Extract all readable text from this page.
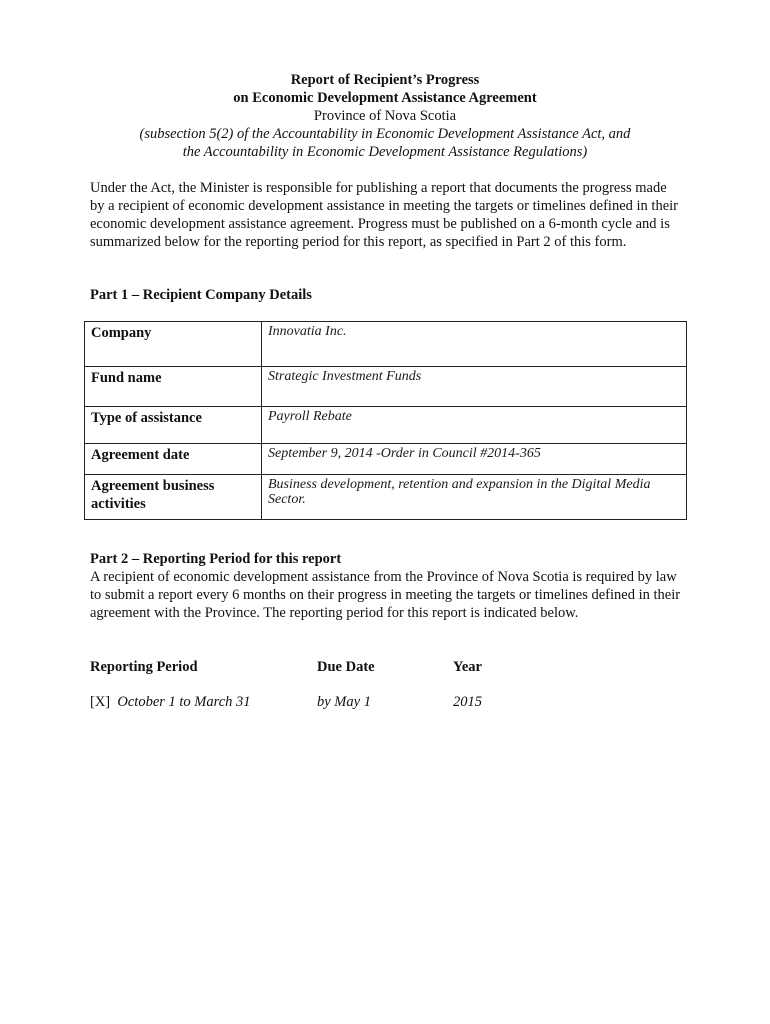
Report of Recipient’s Progress
on Economic Development Assistance Agreement
Province of Nova Scotia
(subsection 5(2) of the Accountability in Economic Development Assistance Act, and
the Accountability in Economic Development Assistance Regulations)

Under the Act, the Minister is responsible for publishing a report that documents the progress made by a recipient of economic development assistance in meeting the targets or timelines defined in their economic development assistance agreement. Progress must be published on a 6-month cycle and is summarized below for the reporting period for this report, as specified in Part 2 of this form.

Part 1 – Recipient Company Details

Company	Innovatia Inc.
Fund name	Strategic Investment Funds
Type of assistance	Payroll Rebate
Agreement date	September 9, 2014 -Order in Council #2014-365
Agreement business activities	Business development, retention and expansion in the Digital Media Sector.
Part 2 – Reporting Period for this report
A recipient of economic development assistance from the Province of Nova Scotia is required by law to submit a report every 6 months on their progress in meeting the targets or timelines defined in their agreement with the Province. The reporting period for this report is indicated below.
Reporting Period	Due Date	Year
[X] October 1 to March 31	by May 1	2015
